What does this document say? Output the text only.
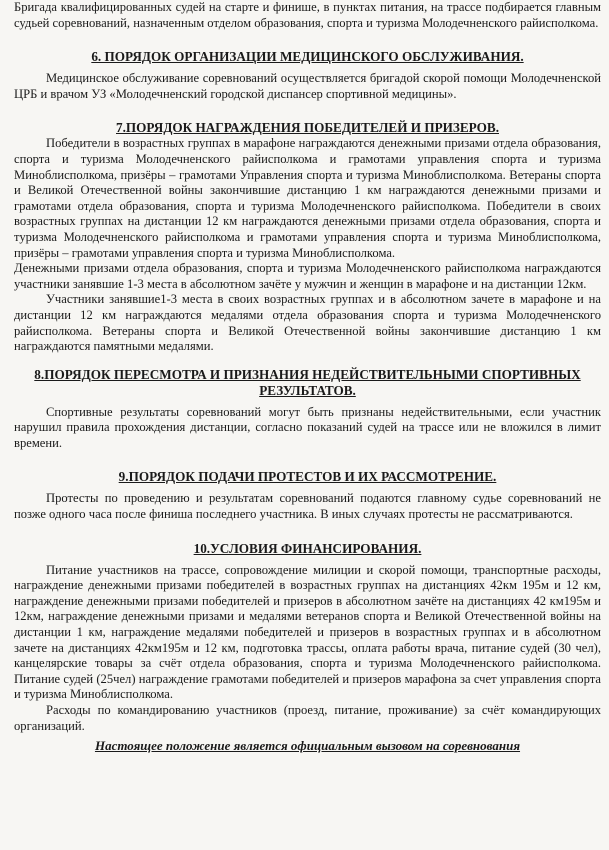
Бригада квалифицированных судей на старте и финише, в пунктах питания, на трассе подбирается главным судьей соревнований, назначенным отделом образования, спорта и туризма Молодечненского райисполкома.

6. ПОРЯДОК ОРГАНИЗАЦИИ МЕДИЦИНСКОГО ОБСЛУЖИВАНИЯ.

Медицинское обслуживание соревнований осуществляется бригадой скорой помощи Молодечненской ЦРБ и врачом УЗ «Молодечненский городской диспансер спортивной медицины».

7.ПОРЯДОК НАГРАЖДЕНИЯ ПОБЕДИТЕЛЕЙ И ПРИЗЕРОВ.

Победители в возрастных группах в марафоне награждаются денежными призами отдела образования, спорта и туризма Молодечненского райисполкома и грамотами управления спорта и туризма Миноблисполкома, призёры – грамотами Управления спорта и туризма Миноблисполкома. Ветераны спорта и Великой Отечественной войны закончившие дистанцию 1 км награждаются денежными призами и грамотами отдела образования, спорта и туризма Молодечненского райисполкома. Победители в своих возрастных группах на дистанции 12 км награждаются денежными призами отдела образования, спорта и туризма Молодечненского райисполкома и грамотами управления спорта и туризма Миноблисполкома, призёры – грамотами управления спорта и туризма Миноблисполкома.

Денежными призами отдела образования, спорта и туризма Молодечненского райисполкома награждаются участники занявшие 1-3 места в абсолютном зачёте у мужчин и женщин в марафоне и на дистанции 12км.

Участники занявшие1-3 места в своих возрастных группах и в абсолютном зачете в марафоне и на дистанции 12 км награждаются медалями отдела образования спорта и туризма Молодечненского райисполкома. Ветераны спорта и Великой Отечественной войны закончившие дистанцию 1 км награждаются памятными медалями.

8.ПОРЯДОК ПЕРЕСМОТРА И ПРИЗНАНИЯ НЕДЕЙСТВИТЕЛЬНЫМИ СПОРТИВНЫХ РЕЗУЛЬТАТОВ.

Спортивные результаты соревнований могут быть признаны недействительными, если участник нарушил правила прохождения дистанции, согласно показаний судей на трассе или не вложился в лимит времени.

9.ПОРЯДОК ПОДАЧИ ПРОТЕСТОВ И ИХ РАССМОТРЕНИЕ.

Протесты по проведению и результатам соревнований подаются главному судье соревнований не позже одного часа после финиша последнего участника. В иных случаях протесты не рассматриваются.

10.УСЛОВИЯ ФИНАНСИРОВАНИЯ.

Питание участников на трассе, сопровождение милиции и скорой помощи, транспортные расходы, награждение денежными призами победителей в возрастных группах на дистанциях 42км 195м и 12 км, награждение денежными призами победителей и призеров в абсолютном зачёте на дистанциях 42 км195м и 12км, награждение денежными призами и медалями ветеранов спорта и Великой Отечественной войны на дистанции 1 км, награждение медалями победителей и призеров в возрастных группах и в абсолютном зачете на дистанциях 42км195м и 12 км, подготовка трассы, оплата работы врача, питание судей (30 чел), канцелярские товары за счёт отдела образования, спорта и туризма Молодечненского райисполкома. Питание судей (25чел) награждение грамотами победителей и призеров марафона за счет управления спорта и туризма Миноблисполкома.

Расходы по командированию участников (проезд, питание, проживание) за счёт командирующих организаций.

Настоящее положение является официальным вызовом на соревнования
